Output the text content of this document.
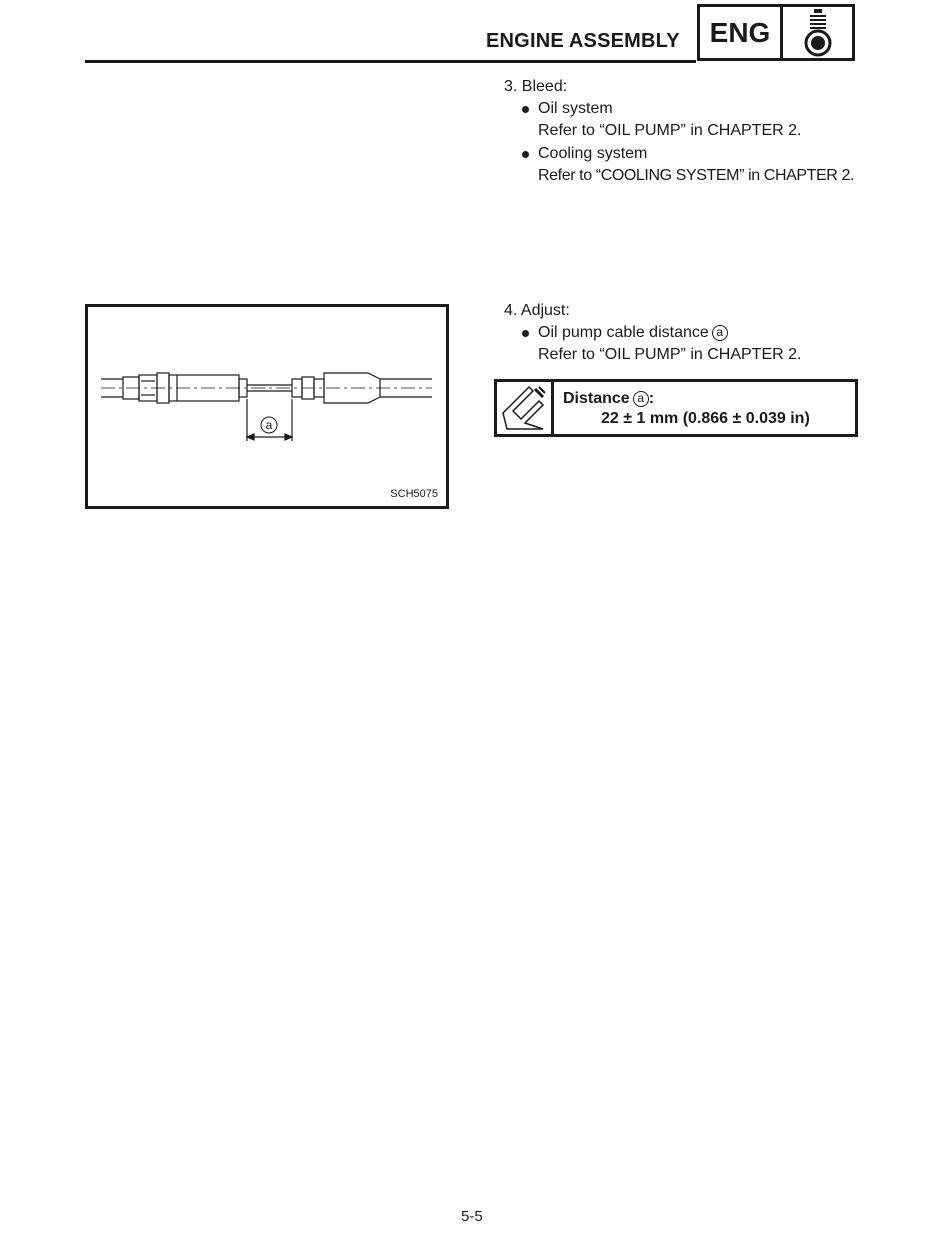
ENGINE ASSEMBLY	ENG
3. Bleed:
Oil system
Refer to “OIL PUMP” in CHAPTER 2.
Cooling system
Refer to “COOLING SYSTEM” in CHAPTER 2.
4. Adjust:
Oil pump cable distance a
Refer to “OIL PUMP” in CHAPTER 2.
a
SCH5075
Distance a :
22 ± 1 mm (0.866 ± 0.039 in)
5-5
